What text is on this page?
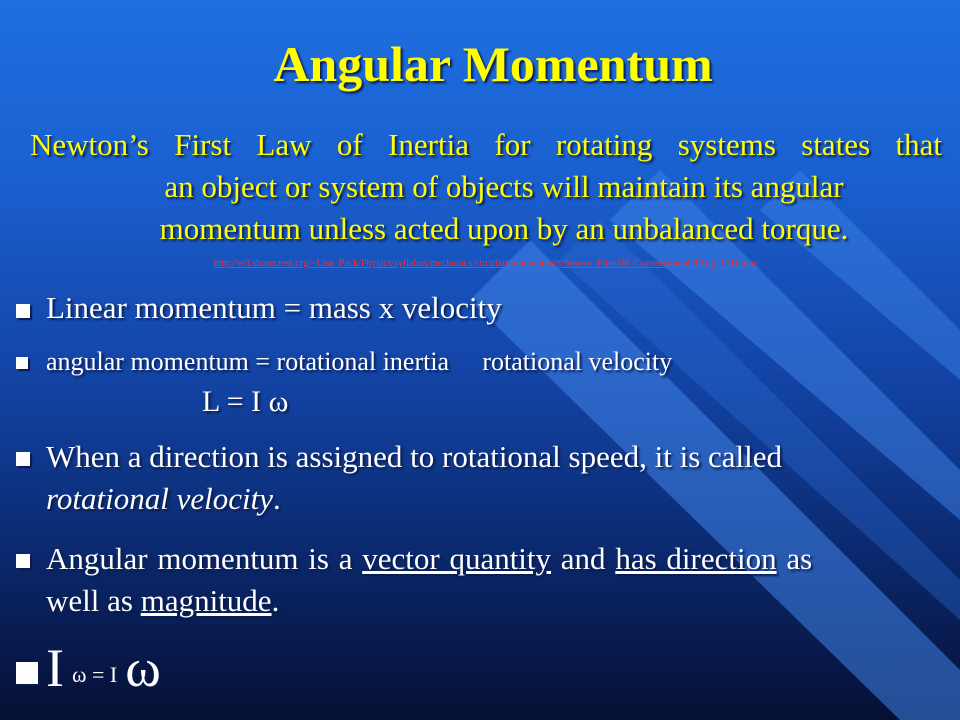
Angular Momentum
Newton’s First Law of Inertia for rotating systems states that
an object or system of objects will maintain its angular
momentum unless acted upon by an unbalanced torque.
http://w3.shorecrest.org/~Lisa_Peck/Physics/syllabus/mechanics/circularmotion/hewitt/Source_Files/08_ConservationOfAng_VID.mov
Linear momentum = mass x velocity
angular momentum = rotational inertia rotational velocity
L = I ω
When a direction is assigned to rotational speed, it is called
rotational velocity.
Angular momentum is a vector quantity and has direction as
well as magnitude.
I ω = I ω
